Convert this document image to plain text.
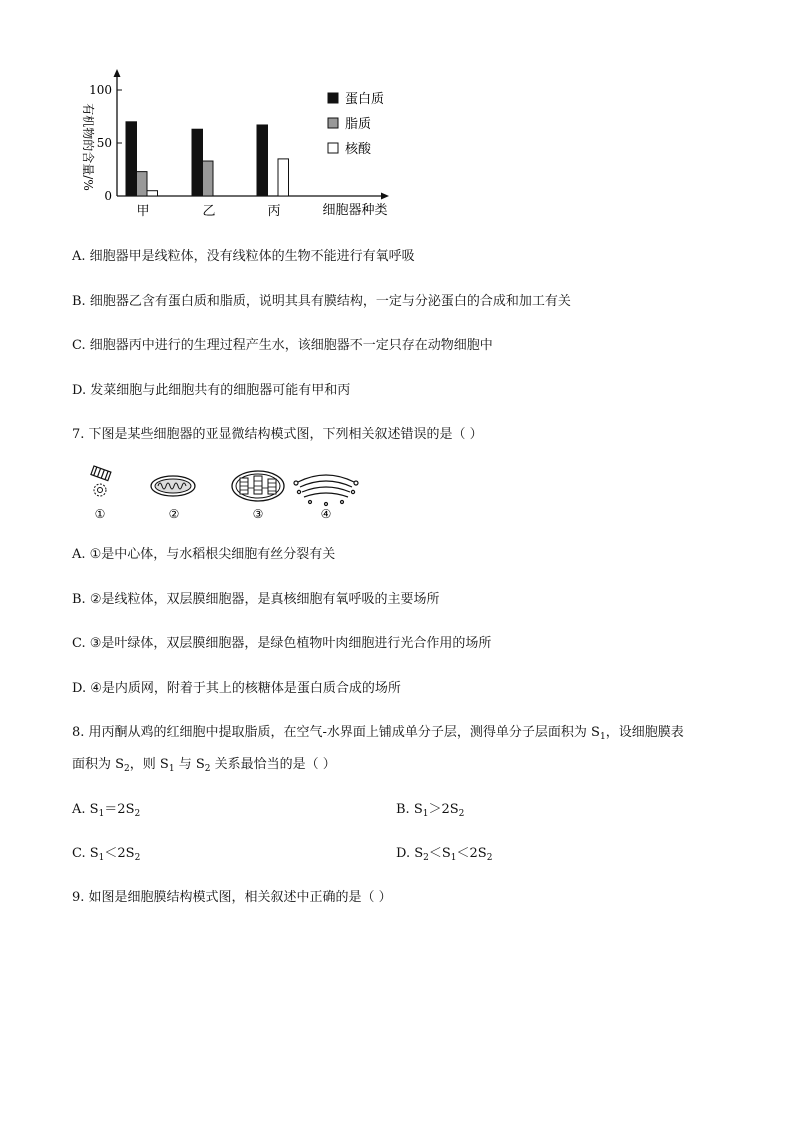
0
50
100
有机物的含量/%
细胞器种类
甲	乙	丙
蛋白质
脂质
核酸
A. 细胞器甲是线粒体，没有线粒体的生物不能进行有氧呼吸
B. 细胞器乙含有蛋白质和脂质，说明其具有膜结构，一定与分泌蛋白的合成和加工有关
C. 细胞器丙中进行的生理过程产生水，该细胞器不一定只存在动物细胞中
D. 发菜细胞与此细胞共有的细胞器可能有甲和丙
7. 下图是某些细胞器的亚显微结构模式图，下列相关叙述错误的是（ ）
①	②	③	④
A. ①是中心体，与水稻根尖细胞有丝分裂有关
B. ②是线粒体，双层膜细胞器，是真核细胞有氧呼吸的主要场所
C. ③是叶绿体，双层膜细胞器，是绿色植物叶肉细胞进行光合作用的场所
D. ④是内质网，附着于其上的核糖体是蛋白质合成的场所
8. 用丙酮从鸡的红细胞中提取脂质，在空气-水界面上铺成单分子层，测得单分子层面积为 $S_1$，设细胞膜表
面积为 $S_2$，则 $S_1$ 与 $S_2$ 关系最恰当的是（ ）
A. $S_1=2S_2$	B. $S_1>2S_2$
C. $S_1<2S_2$	D. $S_2<S_1<2S_2$
9. 如图是细胞膜结构模式图，相关叙述中正确的是（ ）
